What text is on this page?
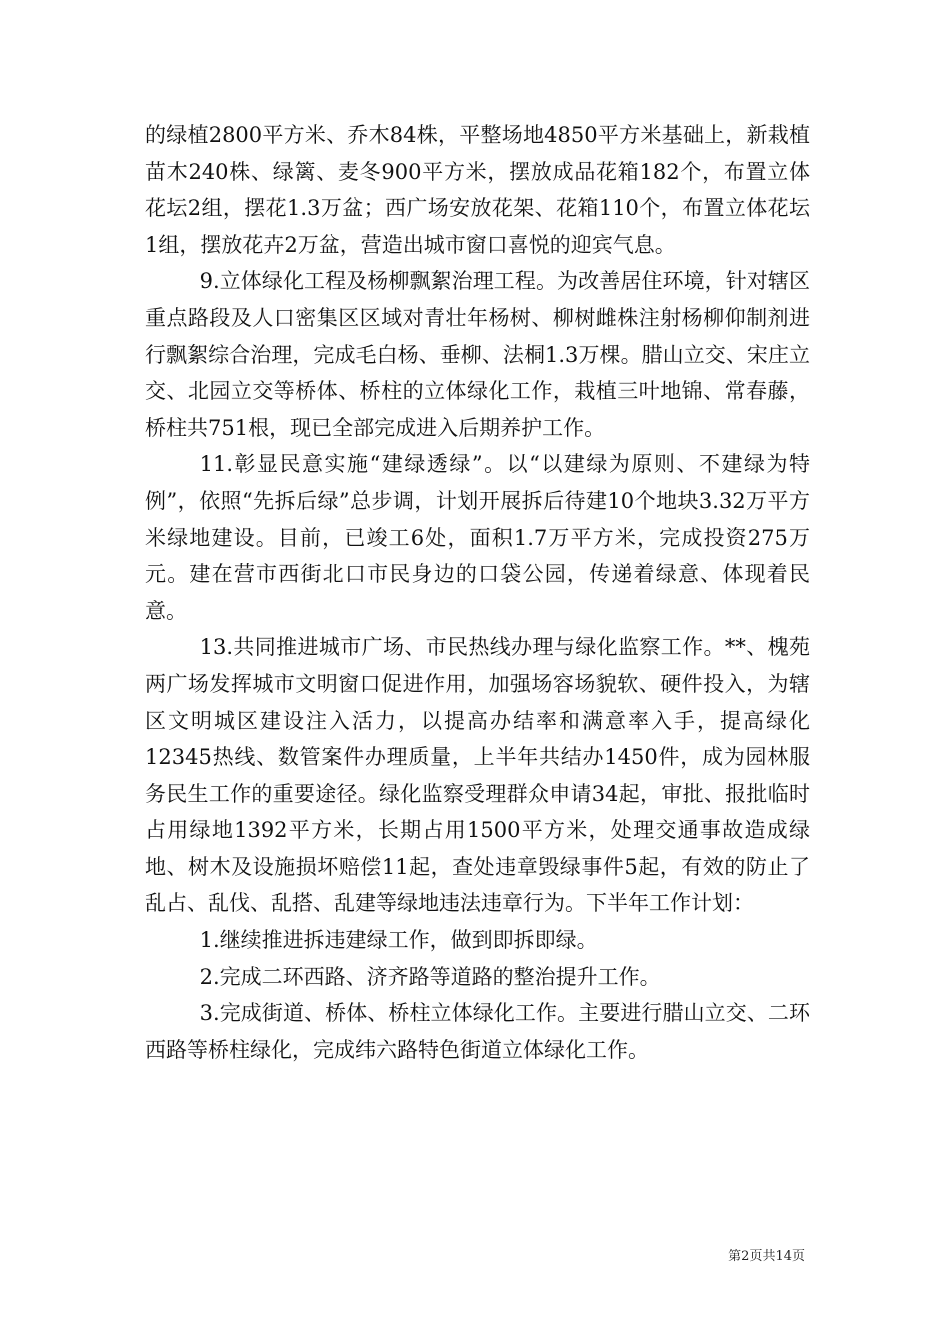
的绿植2800平方米、乔木84株，平整场地4850平方米基础上，新栽植苗木240株、绿篱、麦冬900平方米，摆放成品花箱182个，布置立体花坛2组，摆花1.3万盆；西广场安放花架、花箱110个，布置立体花坛1组，摆放花卉2万盆，营造出城市窗口喜悦的迎宾气息。

9.立体绿化工程及杨柳飘絮治理工程。为改善居住环境，针对辖区重点路段及人口密集区区域对青壮年杨树、柳树雌株注射杨柳仰制剂进行飘絮综合治理，完成毛白杨、垂柳、法桐1.3万棵。腊山立交、宋庄立交、北园立交等桥体、桥柱的立体绿化工作，栽植三叶地锦、常春藤，桥柱共751根，现已全部完成进入后期养护工作。

11.彰显民意实施“建绿透绿”。以“以建绿为原则、不建绿为特例”，依照“先拆后绿”总步调，计划开展拆后待建10个地块3.32万平方米绿地建设。目前，已竣工6处，面积1.7万平方米，完成投资275万元。建在营市西街北口市民身边的口袋公园，传递着绿意、体现着民意。

13.共同推进城市广场、市民热线办理与绿化监察工作。**、槐苑两广场发挥城市文明窗口促进作用，加强场容场貌软、硬件投入，为辖区文明城区建设注入活力，以提高办结率和满意率入手，提高绿化12345热线、数管案件办理质量，上半年共结办1450件，成为园林服务民生工作的重要途径。绿化监察受理群众申请34起，审批、报批临时占用绿地1392平方米，长期占用1500平方米，处理交通事故造成绿地、树木及设施损坏赔偿11起，查处违章毁绿事件5起，有效的防止了乱占、乱伐、乱搭、乱建等绿地违法违章行为。下半年工作计划：

1.继续推进拆违建绿工作，做到即拆即绿。

2.完成二环西路、济齐路等道路的整治提升工作。

3.完成街道、桥体、桥柱立体绿化工作。主要进行腊山立交、二环西路等桥柱绿化，完成纬六路特色街道立体绿化工作。

第2页共14页
